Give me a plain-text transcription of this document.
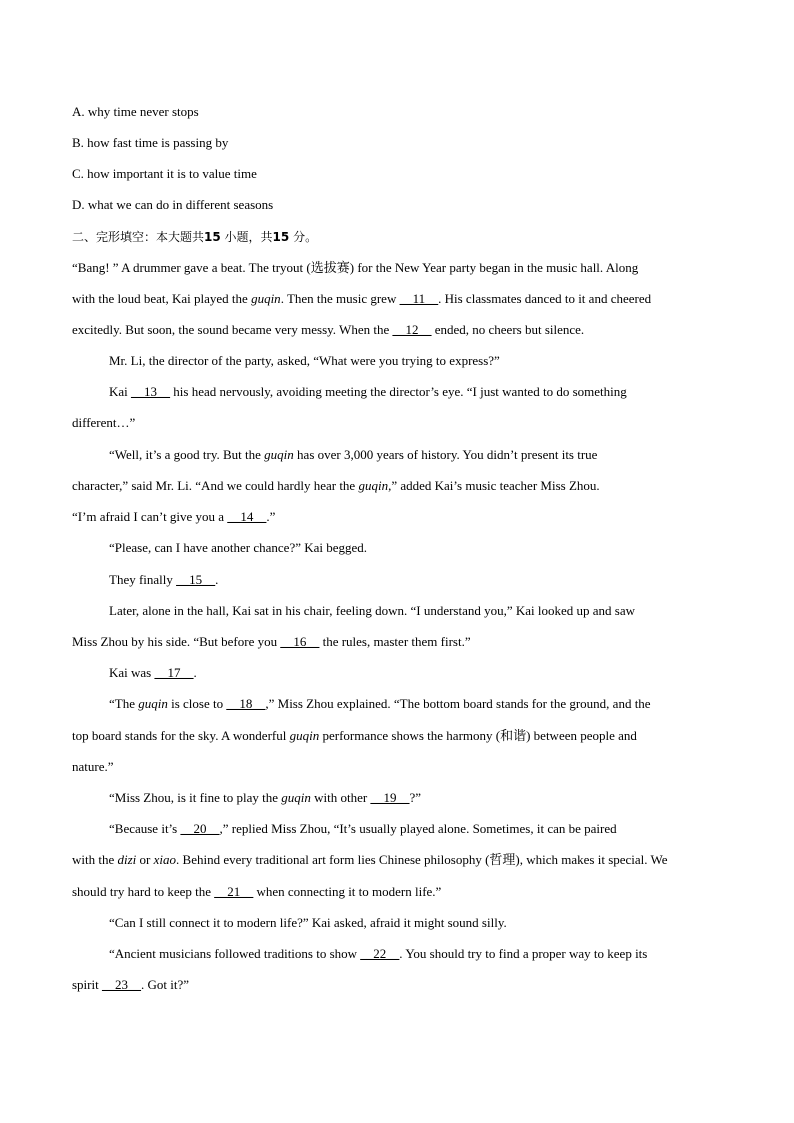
A. why time never stops
B. how fast time is passing by
C. how important it is to value time
D. what we can do in different seasons
二、完形填空：本大题共15 小题，共15 分。
“Bang! ” A drummer gave a beat. The tryout (选拔赛) for the New Year party began in the music hall. Along
with the loud beat, Kai played the guqin. Then the music grew __11__. His classmates danced to it and cheered
excitedly. But soon, the sound became very messy. When the __12__ ended, no cheers but silence.
Mr. Li, the director of the party, asked, “What were you trying to express?”
Kai __13__ his head nervously, avoiding meeting the director’s eye. “I just wanted to do something
different…”
“Well, it’s a good try. But the guqin has over 3,000 years of history. You didn’t present its true
character,” said Mr. Li. “And we could hardly hear the guqin,” added Kai’s music teacher Miss Zhou.
“I’m afraid I can’t give you a __14__.”
“Please, can I have another chance?” Kai begged.
They finally __15__.
Later, alone in the hall, Kai sat in his chair, feeling down. “I understand you,” Kai looked up and saw
Miss Zhou by his side. “But before you __16__ the rules, master them first.”
Kai was __17__.
“The guqin is close to __18__,” Miss Zhou explained. “The bottom board stands for the ground, and the
top board stands for the sky. A wonderful guqin performance shows the harmony (和谐) between people and
nature.”
“Miss Zhou, is it fine to play the guqin with other __19__?”
“Because it’s __20__,” replied Miss Zhou, “It’s usually played alone. Sometimes, it can be paired
with the dizi or xiao. Behind every traditional art form lies Chinese philosophy (哲理), which makes it special. We
should try hard to keep the __21__ when connecting it to modern life.”
“Can I still connect it to modern life?” Kai asked, afraid it might sound silly.
“Ancient musicians followed traditions to show __22__. You should try to find a proper way to keep its
spirit __23__. Got it?”
